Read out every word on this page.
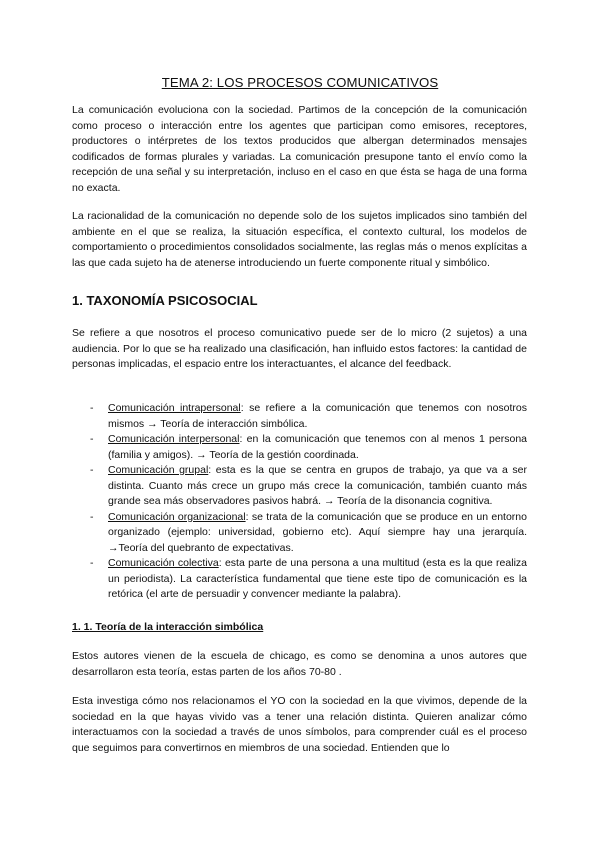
TEMA 2: LOS PROCESOS COMUNICATIVOS

La comunicación evoluciona con la sociedad. Partimos de la concepción de la comunicación como proceso o interacción entre los agentes que participan como emisores, receptores, productores o intérpretes de los textos producidos que albergan determinados mensajes codificados de formas plurales y variadas. La comunicación presupone tanto el envío como la recepción de una señal y su interpretación, incluso en el caso en que ésta se haga de una forma no exacta.

La racionalidad de la comunicación no depende solo de los sujetos implicados sino también del ambiente en el que se realiza, la situación específica, el contexto cultural, los modelos de comportamiento o procedimientos consolidados socialmente, las reglas más o menos explícitas a las que cada sujeto ha de atenerse introduciendo un fuerte componente ritual y simbólico.

1. TAXONOMÍA PSICOSOCIAL

Se refiere a que nosotros el proceso comunicativo puede ser de lo micro (2 sujetos) a una audiencia. Por lo que se ha realizado una clasificación, han influido estos factores: la cantidad de personas implicadas, el espacio entre los interactuantes, el alcance del feedback.

- Comunicación intrapersonal: se refiere a la comunicación que tenemos con nosotros mismos → Teoría de interacción simbólica.
- Comunicación interpersonal: en la comunicación que tenemos con al menos 1 persona (familia y amigos). → Teoría de la gestión coordinada.
- Comunicación grupal: esta es la que se centra en grupos de trabajo, ya que va a ser distinta. Cuanto más crece un grupo más crece la comunicación, también cuanto más grande sea más observadores pasivos habrá. → Teoría de la disonancia cognitiva.
- Comunicación organizacional: se trata de la comunicación que se produce en un entorno organizado (ejemplo: universidad, gobierno etc). Aquí siempre hay una jerarquía. →Teoría del quebranto de expectativas.
- Comunicación colectiva: esta parte de una persona a una multitud (esta es la que realiza un periodista). La característica fundamental que tiene este tipo de comunicación es la retórica (el arte de persuadir y convencer mediante la palabra).
1. 1. Teoría de la interacción simbólica

Estos autores vienen de la escuela de chicago, es como se denomina a unos autores que desarrollaron esta teoría, estas parten de los años 70-80 .

Esta investiga cómo nos relacionamos el YO con la sociedad en la que vivimos, depende de la sociedad en la que hayas vivido vas a tener una relación distinta. Quieren analizar cómo interactuamos con la sociedad a través de unos símbolos, para comprender cuál es el proceso que seguimos para convertirnos en miembros de una sociedad. Entienden que lo
